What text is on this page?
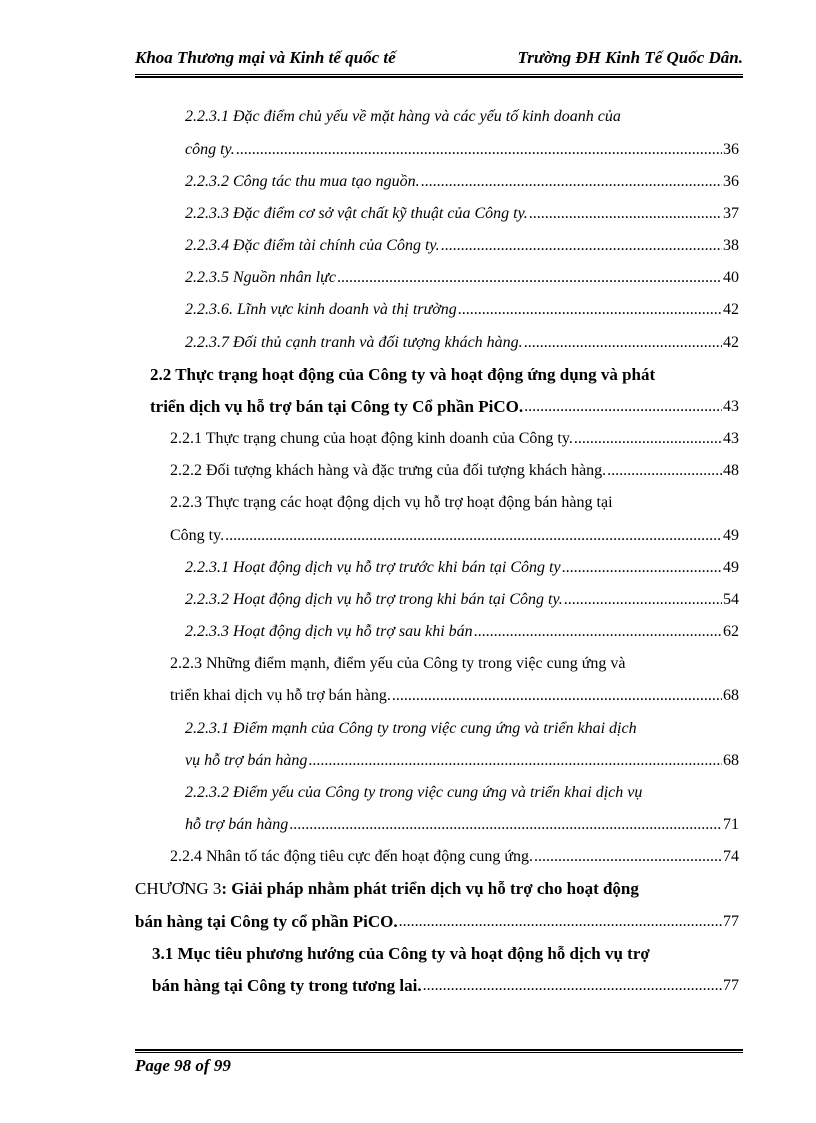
Khoa Thương mại và Kinh tế quốc tế	Trường ĐH Kinh Tế Quốc Dân.
2.2.3.1 Đặc điểm chủ yếu về mặt hàng và các yếu tố kinh doanh của
công ty. .....	36
2.2.3.2 Công tác thu mua tạo nguồn. .....	36
2.2.3.3 Đặc điểm cơ sở vật chất kỹ thuật của Công ty. .....	37
2.2.3.4 Đặc điểm tài chính của Công ty. .....	38
2.2.3.5 Nguồn nhân lực .....	40
2.2.3.6. Lĩnh vực kinh doanh và thị trường .....	42
2.2.3.7 Đối thủ cạnh tranh và đối tượng khách hàng. .....	42
2.2 Thực trạng hoạt động của Công ty và hoạt động ứng dụng và phát
triển dịch vụ hỗ trợ bán tại Công ty Cổ phần PiCO. .....	43
2.2.1 Thực trạng chung của hoạt động kinh doanh của Công ty. .....	43
2.2.2 Đối tượng khách hàng và đặc trưng của đối tượng khách hàng. .....	48
2.2.3 Thực trạng các hoạt động dịch vụ hỗ trợ hoạt động bán hàng tại
Công ty. .....	49
2.2.3.1 Hoạt động dịch vụ hỗ trợ trước khi bán tại Công ty .....	49
2.2.3.2 Hoạt động dịch vụ hỗ trợ trong khi bán tại Công ty. .....	54
2.2.3.3 Hoạt động dịch vụ hỗ trợ sau khi bán .....	62
2.2.3 Những điểm mạnh, điểm yếu của Công ty trong việc cung ứng và
triển khai dịch vụ hỗ trợ bán hàng. .....	68
2.2.3.1 Điểm mạnh của Công ty trong việc cung ứng và triển khai dịch
vụ hỗ trợ bán hàng .....	68
2.2.3.2 Điểm yếu của Công ty trong việc cung ứng và triển khai dịch vụ
hỗ trợ bán hàng .....	71
2.2.4 Nhân tố tác động tiêu cực đến hoạt động cung ứng. .....	74
CHƯƠNG 3: Giải pháp nhằm phát triển dịch vụ hỗ trợ cho hoạt động
bán hàng tại Công ty cổ phần PiCO. .....	77
3.1 Mục tiêu phương hướng của Công ty và hoạt động hỗ dịch vụ trợ
bán hàng tại Công ty trong tương lai. .....	77
Page 98 of 99
